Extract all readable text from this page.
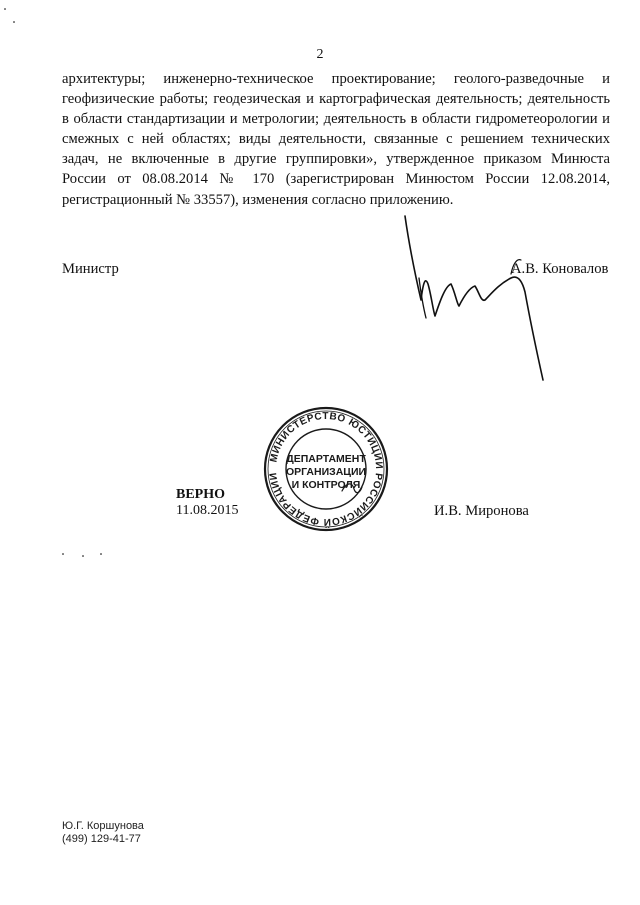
2

архитектуры; инженерно-техническое проектирование; геолого-разведочные и геофизические работы; геодезическая и картографическая деятельность; деятельность в области стандартизации и метрологии; деятельность в области гидрометеорологии и смежных с ней областях; виды деятельности, связанные с решением технических задач, не включенные в другие группировки», утвержденное приказом Минюста России от 08.08.2014 № 170 (зарегистрирован Минюстом России 12.08.2014, регистрационный № 33557), изменения согласно приложению.

Министр	А.В. Коновалов
МИНИСТЕРСТВО ЮСТИЦИИ РОССИЙСКОЙ ФЕДЕРАЦИИ
ДЕПАРТАМЕНТ
ОРГАНИЗАЦИИ
И КОНТРОЛЯ
ВЕРНО
11.08.2015	И.В. Миронова
Ю.Г. Коршунова
(499) 129-41-77
